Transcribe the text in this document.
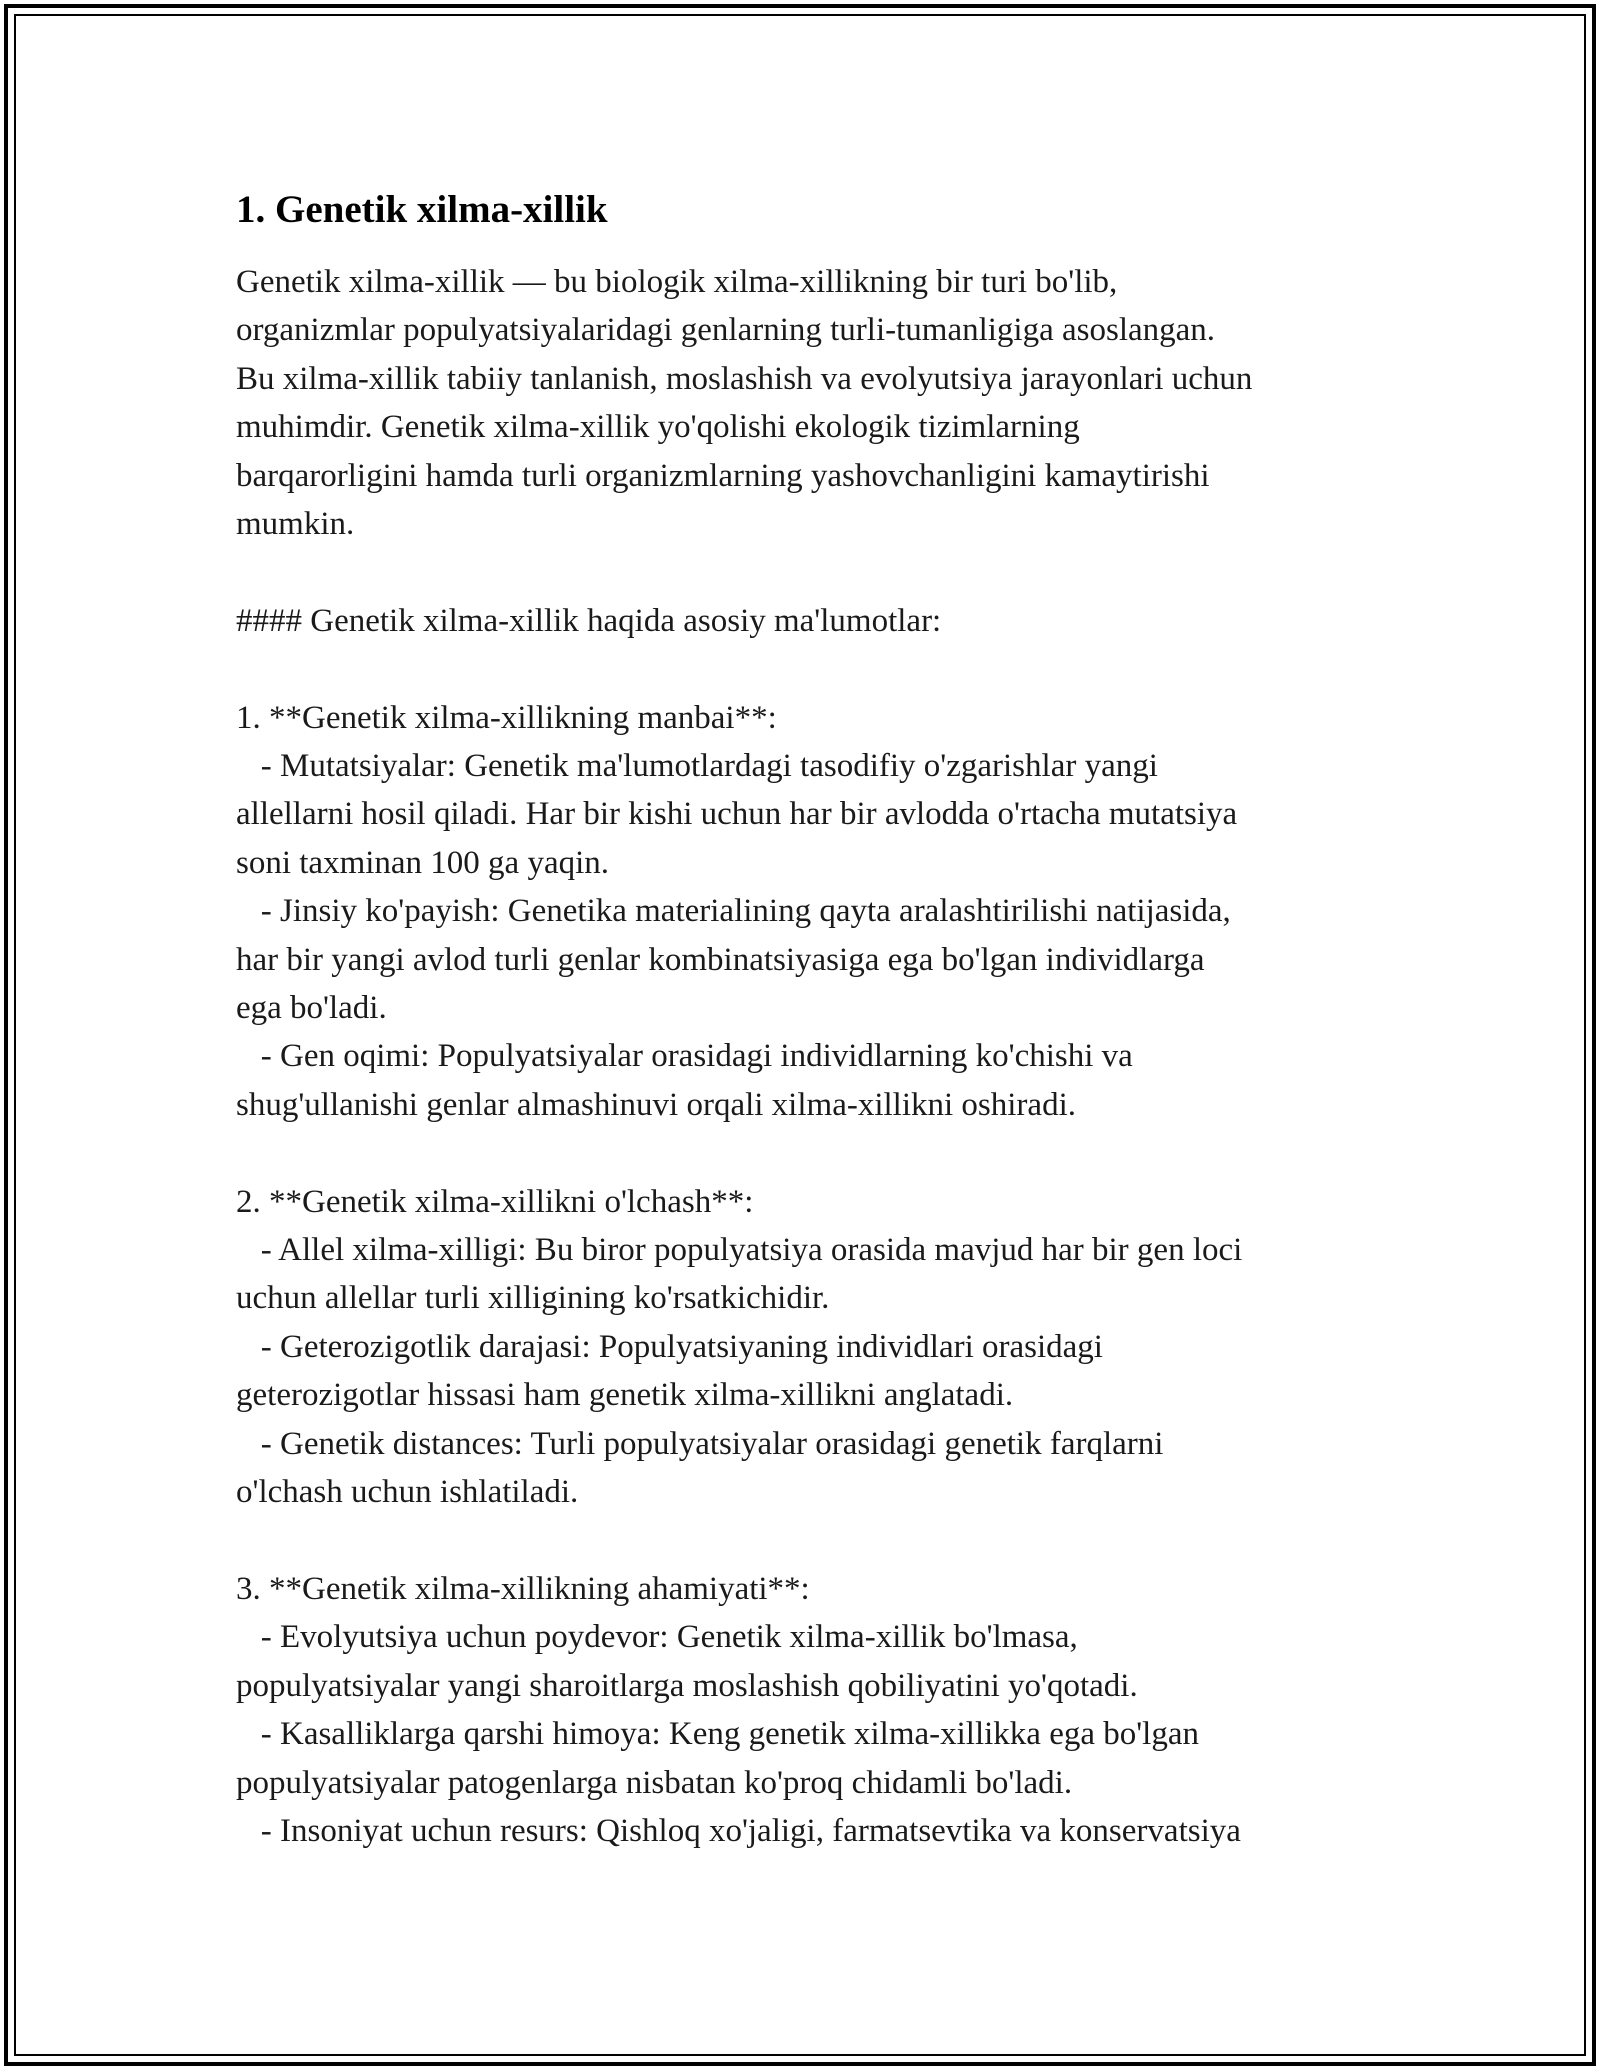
1. Genetik xilma-xillik

Genetik xilma-xillik — bu biologik xilma-xillikning bir turi bo'lib,

organizmlar populyatsiyalaridagi genlarning turli-tumanligiga asoslangan.

Bu xilma-xillik tabiiy tanlanish, moslashish va evolyutsiya jarayonlari uchun

muhimdir. Genetik xilma-xillik yo'qolishi ekologik tizimlarning

barqarorligini hamda turli organizmlarning yashovchanligini kamaytirishi

mumkin.

#### Genetik xilma-xillik haqida asosiy ma'lumotlar:

1. **Genetik xilma-xillikning manbai**:

- Mutatsiyalar: Genetik ma'lumotlardagi tasodifiy o'zgarishlar yangi

allellarni hosil qiladi. Har bir kishi uchun har bir avlodda o'rtacha mutatsiya

soni taxminan 100 ga yaqin.

- Jinsiy ko'payish: Genetika materialining qayta aralashtirilishi natijasida,

har bir yangi avlod turli genlar kombinatsiyasiga ega bo'lgan individlarga

ega bo'ladi.

- Gen oqimi: Populyatsiyalar orasidagi individlarning ko'chishi va

shug'ullanishi genlar almashinuvi orqali xilma-xillikni oshiradi.

2. **Genetik xilma-xillikni o'lchash**:

- Allel xilma-xilligi: Bu biror populyatsiya orasida mavjud har bir gen loci

uchun allellar turli xilligining ko'rsatkichidir.

- Geterozigotlik darajasi: Populyatsiyaning individlari orasidagi

geterozigotlar hissasi ham genetik xilma-xillikni anglatadi.

- Genetik distances: Turli populyatsiyalar orasidagi genetik farqlarni

o'lchash uchun ishlatiladi.

3. **Genetik xilma-xillikning ahamiyati**:

- Evolyutsiya uchun poydevor: Genetik xilma-xillik bo'lmasa,

populyatsiyalar yangi sharoitlarga moslashish qobiliyatini yo'qotadi.

- Kasalliklarga qarshi himoya: Keng genetik xilma-xillikka ega bo'lgan

populyatsiyalar patogenlarga nisbatan ko'proq chidamli bo'ladi.

- Insoniyat uchun resurs: Qishloq xo'jaligi, farmatsevtika va konservatsiya
